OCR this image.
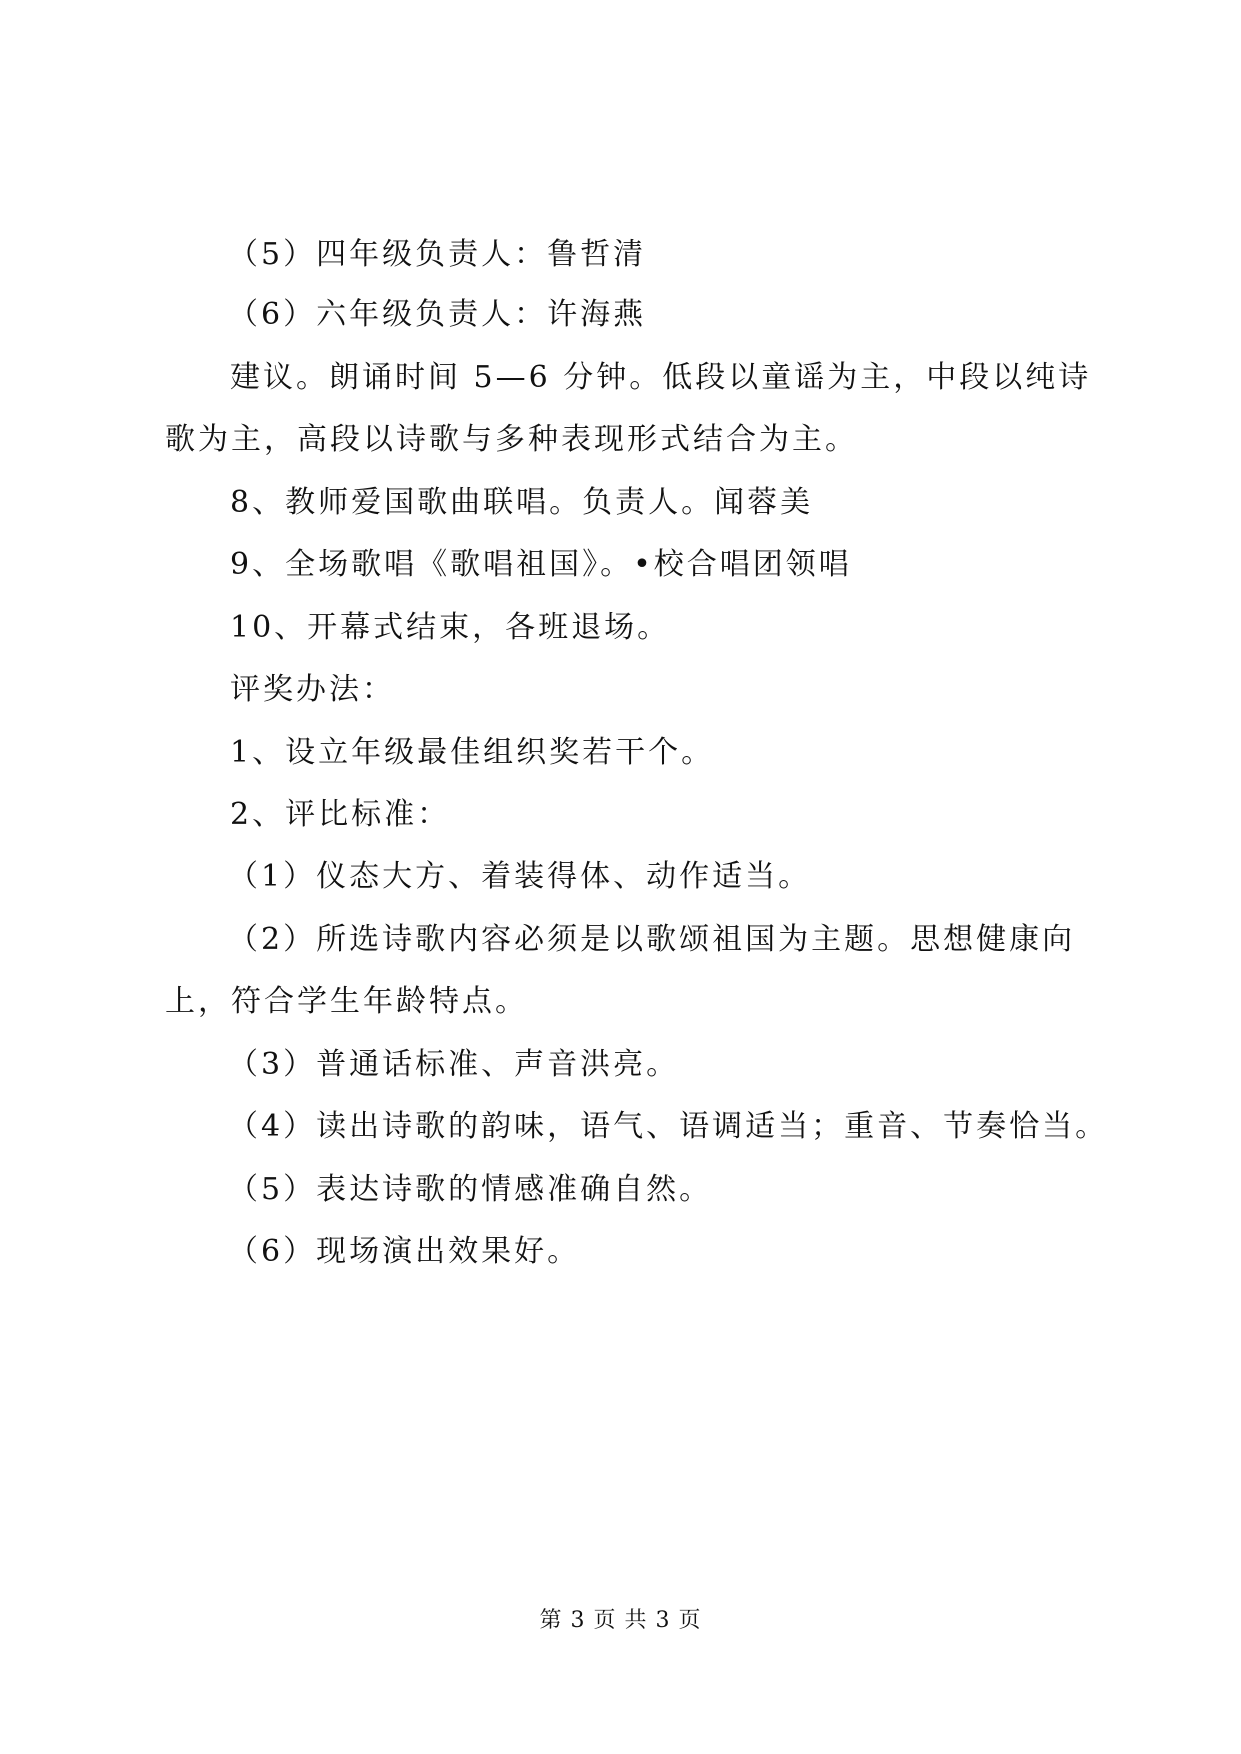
（5）四年级负责人：鲁哲清
（6）六年级负责人：许海燕
建议。朗诵时间 5—6 分钟。低段以童谣为主，中段以纯诗
歌为主，高段以诗歌与多种表现形式结合为主。
8、教师爱国歌曲联唱。负责人。闻蓉美
9、全场歌唱《歌唱祖国》。•校合唱团领唱
10、开幕式结束，各班退场。
评奖办法：
1、设立年级最佳组织奖若干个。
2、评比标准：
（1）仪态大方、着装得体、动作适当。
（2）所选诗歌内容必须是以歌颂祖国为主题。思想健康向
上，符合学生年龄特点。
（3）普通话标准、声音洪亮。
（4）读出诗歌的韵味，语气、语调适当；重音、节奏恰当。
（5）表达诗歌的情感准确自然。
（6）现场演出效果好。
第 3 页 共 3 页
